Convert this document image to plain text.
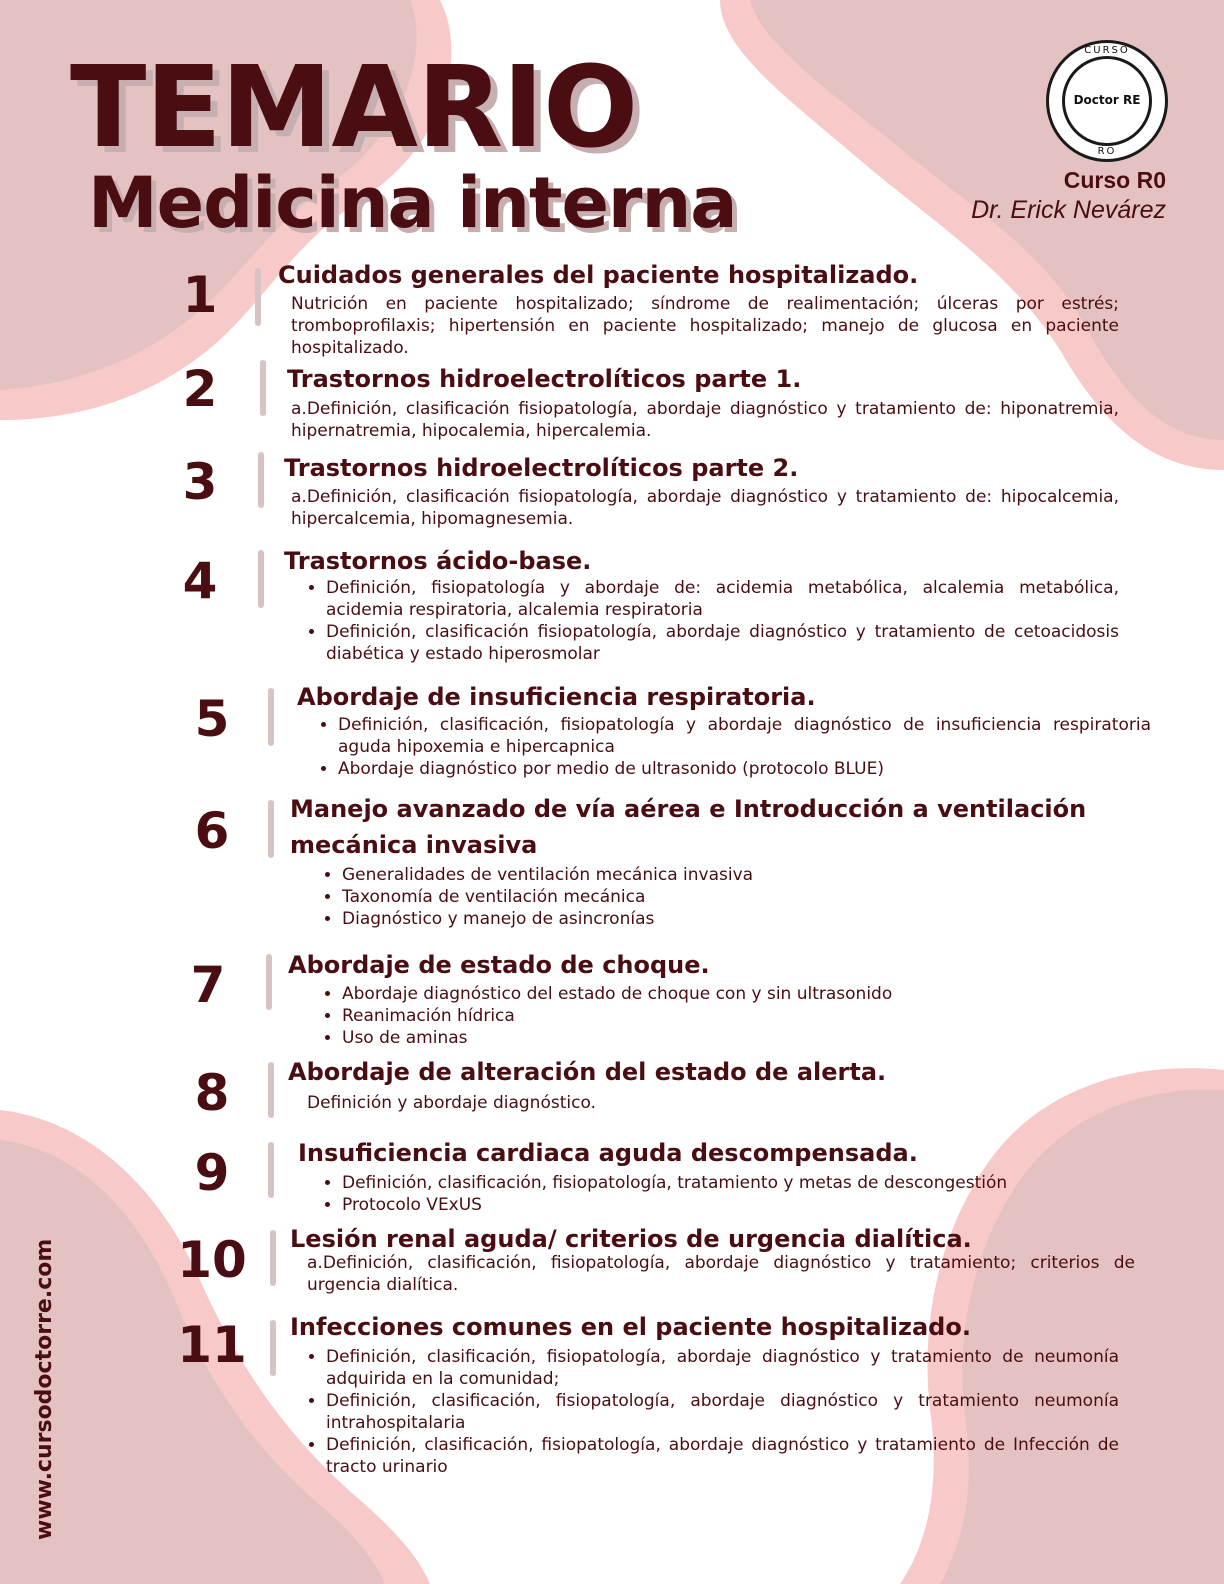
TEMARIO
Medicina interna
CURSO
Doctor RE
RO

Curso R0

Dr. Erick Nevárez

www.cursodoctorre.com
1	Cuidados generales del paciente hospitalizado.

Nutrición en paciente hospitalizado; síndrome de realimentación; úlceras por estrés; tromboprofilaxis; hipertensión en paciente hospitalizado; manejo de glucosa en paciente hospitalizado.

2	Trastornos hidroelectrolíticos parte 1.

a.Definición, clasificación fisiopatología, abordaje diagnóstico y tratamiento de: hiponatremia, hipernatremia, hipocalemia, hipercalemia.

3	Trastornos hidroelectrolíticos parte 2.

a.Definición, clasificación fisiopatología, abordaje diagnóstico y tratamiento de: hipocalcemia, hipercalcemia, hipomagnesemia.

4	Trastornos ácido-base.
• Definición, fisiopatología y abordaje de: acidemia metabólica, alcalemia metabólica, acidemia respiratoria, alcalemia respiratoria
• Definición, clasificación fisiopatología, abordaje diagnóstico y tratamiento de cetoacidosis diabética y estado hiperosmolar
5	Abordaje de insuficiencia respiratoria.
• Definición, clasificación, fisiopatología y abordaje diagnóstico de insuficiencia respiratoria aguda hipoxemia e hipercapnica
• Abordaje diagnóstico por medio de ultrasonido (protocolo BLUE)
6	Manejo avanzado de vía aérea e Introducción a ventilación
mecánica invasiva
• Generalidades de ventilación mecánica invasiva
• Taxonomía de ventilación mecánica
• Diagnóstico y manejo de asincronías
7	Abordaje de estado de choque.
• Abordaje diagnóstico del estado de choque con y sin ultrasonido
• Reanimación hídrica
• Uso de aminas
8	Abordaje de alteración del estado de alerta.

Definición y abordaje diagnóstico.

9	Insuficiencia cardiaca aguda descompensada.
• Definición, clasificación, fisiopatología, tratamiento y metas de descongestión
• Protocolo VExUS
10 Lesión renal aguda/ criterios de urgencia dialítica.

a.Definición, clasificación, fisiopatología, abordaje diagnóstico y tratamiento; criterios de urgencia dialítica.

11 Infecciones comunes en el paciente hospitalizado.
• Definición, clasificación, fisiopatología, abordaje diagnóstico y tratamiento de neumonía adquirida en la comunidad;
• Definición, clasificación, fisiopatología, abordaje diagnóstico y tratamiento neumonía intrahospitalaria
• Definición, clasificación, fisiopatología, abordaje diagnóstico y tratamiento de Infección de tracto urinario
